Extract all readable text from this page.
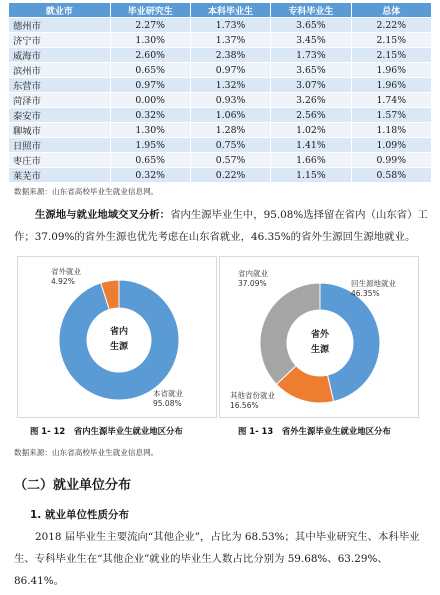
就业市	毕业研究生	本科毕业生	专科毕业生	总体
德州市	2.27%	1.73%	3.65%	2.22%
济宁市	1.30%	1.37%	3.45%	2.15%
威海市	2.60%	2.38%	1.73%	2.15%
滨州市	0.65%	0.97%	3.65%	1.96%
东营市	0.97%	1.32%	3.07%	1.96%
菏泽市	0.00%	0.93%	3.26%	1.74%
泰安市	0.32%	1.06%	2.56%	1.57%
聊城市	1.30%	1.28%	1.02%	1.18%
日照市	1.95%	0.75%	1.41%	1.09%
枣庄市	0.65%	0.57%	1.66%	0.99%
莱芜市	0.32%	0.22%	1.15%	0.58%
数据来源：山东省高校毕业生就业信息网。
生源地与就业地域交叉分析：省内生源毕业生中，95.08%选择留在省内（山东省）工作；37.09%的省外生源也优先考虑在山东省就业，46.35%的省外生源回生源地就业。
省内
生源
省外就业
4.92%
本省就业
95.08%
省外
生源
省内就业
37.09%	回生源地就业
46.35%
其他省份就业
16.56%
图 1- 12 省内生源毕业生就业地区分布	图 1- 13 省外生源毕业生就业地区分布
数据来源：山东省高校毕业生就业信息网。
（二）就业单位分布
1. 就业单位性质分布
2018 届毕业生主要流向“其他企业”，占比为 68.53%；其中毕业研究生、本科毕业生、专科毕业生在“其他企业”就业的毕业生人数占比分别为 59.68%、63.29%、86.41%。
